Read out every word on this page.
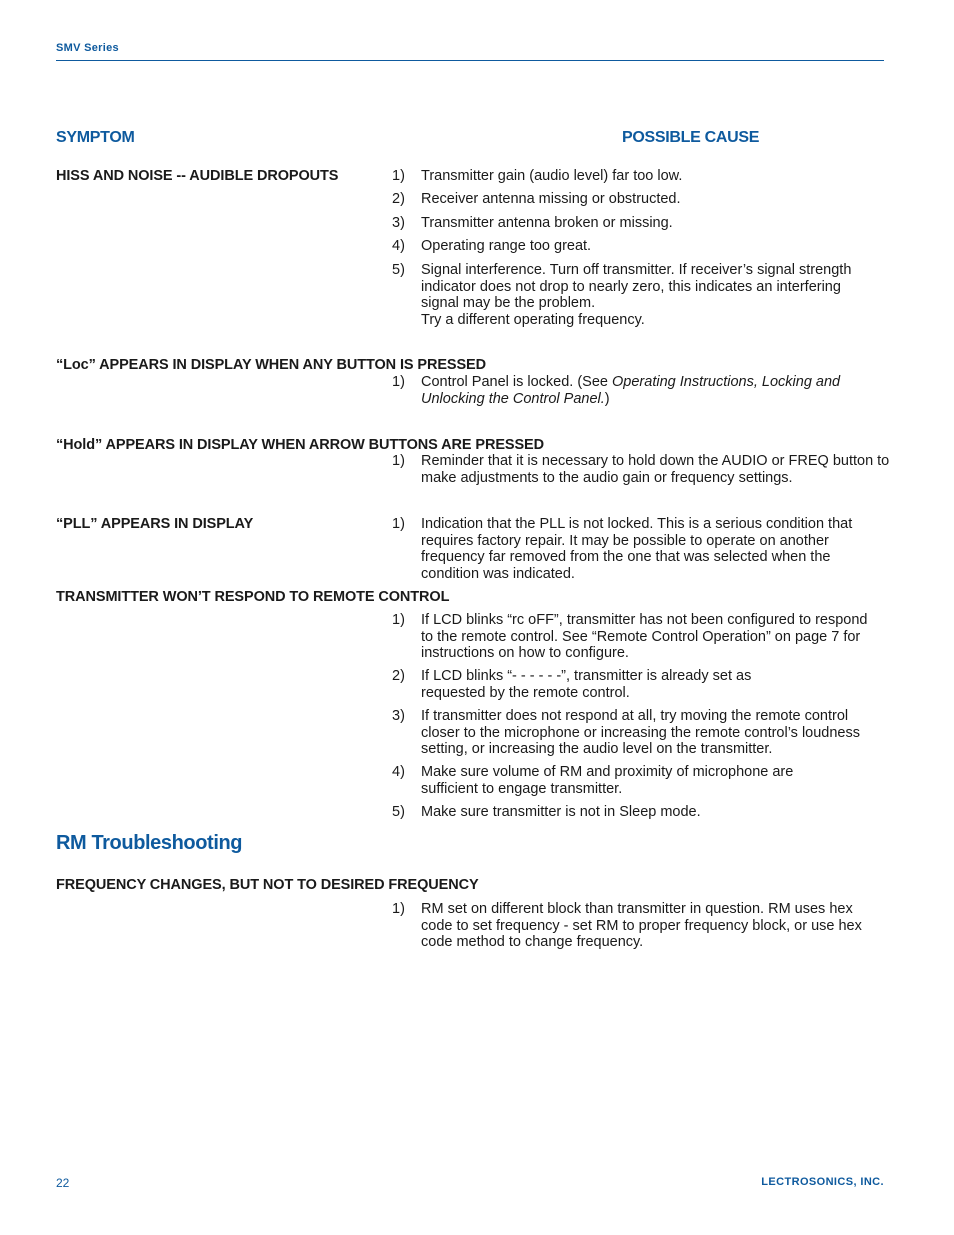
SMV Series
SYMPTOM	POSSIBLE CAUSE
HISS AND NOISE -- AUDIBLE DROPOUTS	1) Transmitter gain (audio level) far too low.
2) Receiver antenna missing or obstructed.
3) Transmitter antenna broken or missing.
4) Operating range too great.
5) Signal interference. Turn off transmitter. If receiver’s signal strength indicator does not drop to nearly zero, this indicates an interfering signal may be the problem.
Try a different operating frequency.
“Loc” APPEARS IN DISPLAY WHEN ANY BUTTON IS PRESSED
1) Control Panel is locked. (See Operating Instructions, Locking and Unlocking the Control Panel.)
“Hold” APPEARS IN DISPLAY WHEN ARROW BUTTONS ARE PRESSED
1) Reminder that it is necessary to hold down the AUDIO or FREQ button to make adjustments to the audio gain or frequency settings.
“PLL” APPEARS IN DISPLAY	1) Indication that the PLL is not locked. This is a serious condition that requires factory repair. It may be possible to operate on another frequency far removed from the one that was selected when the condition was indicated.
TRANSMITTER WON’T RESPOND TO REMOTE CONTROL
1) If LCD blinks “rc oFF”, transmitter has not been configured to respond to the remote control. See “Remote Control Operation” on page 7 for instructions on how to configure.
2) If LCD blinks “- - - - - -”, transmitter is already set as requested by the remote control.
3) If transmitter does not respond at all, try moving the remote control closer to the microphone or increasing the remote control’s loudness setting, or increasing the audio level on the transmitter.
4) Make sure volume of RM and proximity of microphone are sufficient to engage transmitter.
5) Make sure transmitter is not in Sleep mode.
RM Troubleshooting
FREQUENCY CHANGES, BUT NOT TO DESIRED FREQUENCY
1) RM set on different block than transmitter in question. RM uses hex code to set frequency - set RM to proper frequency block, or use hex code method to change frequency.
22	LECTROSONICS, INC.
